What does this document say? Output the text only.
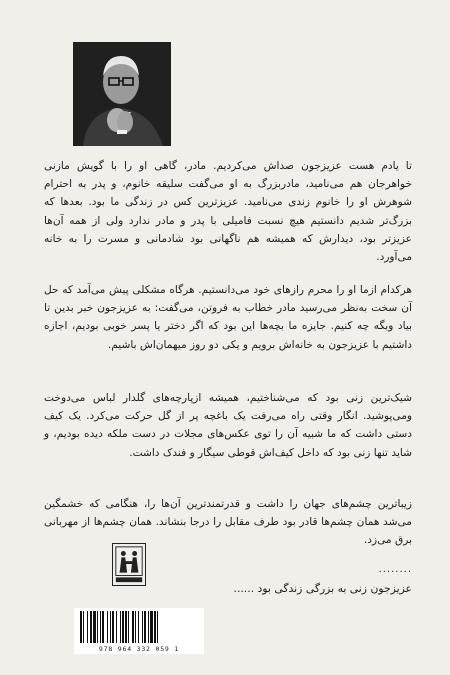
تا یادم هست عزیزجون صداش می‌کردیم. مادر، گاهی او را با گویش مازنی خواهرجان هم می‌نامید، مادربزرگ به او می‌گفت سلیقه خانوم، و پدر به احترام شوهرش او را خانوم زندی می‌نامید. عزیزترین کس در زندگی ما بود. بعدها که بزرگ‌تر شدیم دانستیم هیچ نسبت فامیلی با پدر و مادر ندارد ولی از همه آن‌ها عزیزتر بود، دیدارش که همیشه هم ناگهانی بود شادمانی و مسرت را به خانه می‌آورد.

هرکدام ازما او را محرم رازهای خود می‌دانستیم. هرگاه مشکلی پیش می‌آمد که حل آن سخت به‌نظر می‌رسید مادر خطاب به فروتن، می‌گفت: به عزیزجون خبر بدین تا بیاد وبگه چه کنیم. جایزه ما بچه‌ها این بود که اگر دختر یا پسر خوبی بودیم، اجازه داشتیم با عزیزجون به خانه‌اش برویم و یکی دو روز میهمان‌اش باشیم.

شیک‌ترین زنی بود که می‌شناختیم، همیشه ازپارچه‌های گلدار لباس می‌دوخت ومی‌پوشید. انگار وقتی راه می‌رفت یک باغچه پر از گل حرکت می‌کرد. یک کیف دستی داشت که ما شبیه آن را توی عکس‌های مجلات در دست ملکه دیده بودیم، و شاید تنها زنی بود که داخل کیف‌اش قوطی سیگار و فندک داشت.

زیباترین چشم‌های جهان را داشت و قدرتمندترین آن‌ها را، هنگامی که خشمگین می‌شد همان چشم‌ها قادر بود طرف مقابل را درجا بنشاند. همان چشم‌ها از مهربانی برق می‌زد.

........
عزیزجون زنی به بزرگی زندگی بود ......
978 964 332 059 1
